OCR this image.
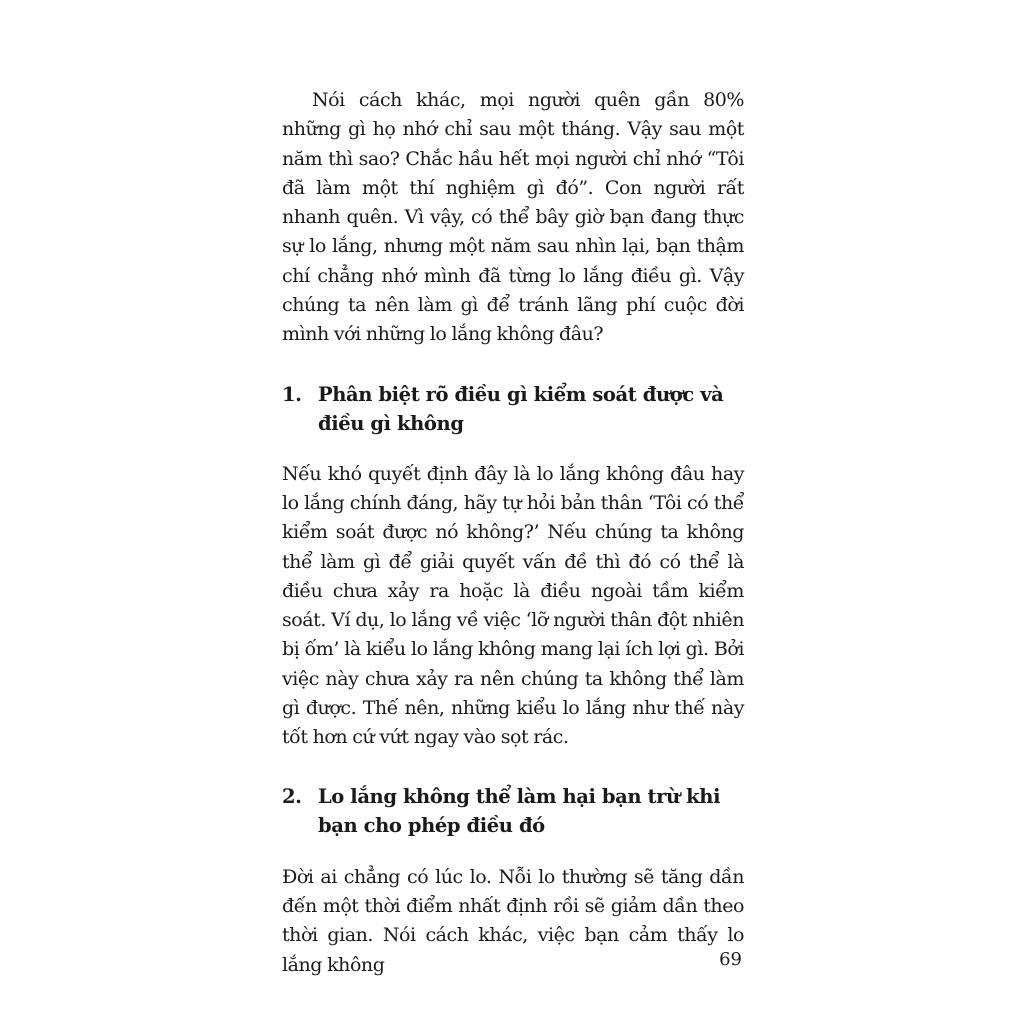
Nói cách khác, mọi người quên gần 80% những gì họ nhớ chỉ sau một tháng. Vậy sau một năm thì sao? Chắc hầu hết mọi người chỉ nhớ “Tôi đã làm một thí nghiệm gì đó”. Con người rất nhanh quên. Vì vậy, có thể bây giờ bạn đang thực sự lo lắng, nhưng một năm sau nhìn lại, bạn thậm chí chẳng nhớ mình đã từng lo lắng điều gì. Vậy chúng ta nên làm gì để tránh lãng phí cuộc đời mình với những lo lắng không đâu?

1. Phân biệt rõ điều gì kiểm soát được và điều gì không

Nếu khó quyết định đây là lo lắng không đâu hay lo lắng chính đáng, hãy tự hỏi bản thân ‘Tôi có thể kiểm soát được nó không?’ Nếu chúng ta không thể làm gì để giải quyết vấn đề thì đó có thể là điều chưa xảy ra hoặc là điều ngoài tầm kiểm soát. Ví dụ, lo lắng về việc ‘lỡ người thân đột nhiên bị ốm’ là kiểu lo lắng không mang lại ích lợi gì. Bởi việc này chưa xảy ra nên chúng ta không thể làm gì được. Thế nên, những kiểu lo lắng như thế này tốt hơn cứ vứt ngay vào sọt rác.

2. Lo lắng không thể làm hại bạn trừ khi bạn cho phép điều đó

Đời ai chẳng có lúc lo. Nỗi lo thường sẽ tăng dần đến một thời điểm nhất định rồi sẽ giảm dần theo thời gian. Nói cách khác, việc bạn cảm thấy lo lắng không	69
